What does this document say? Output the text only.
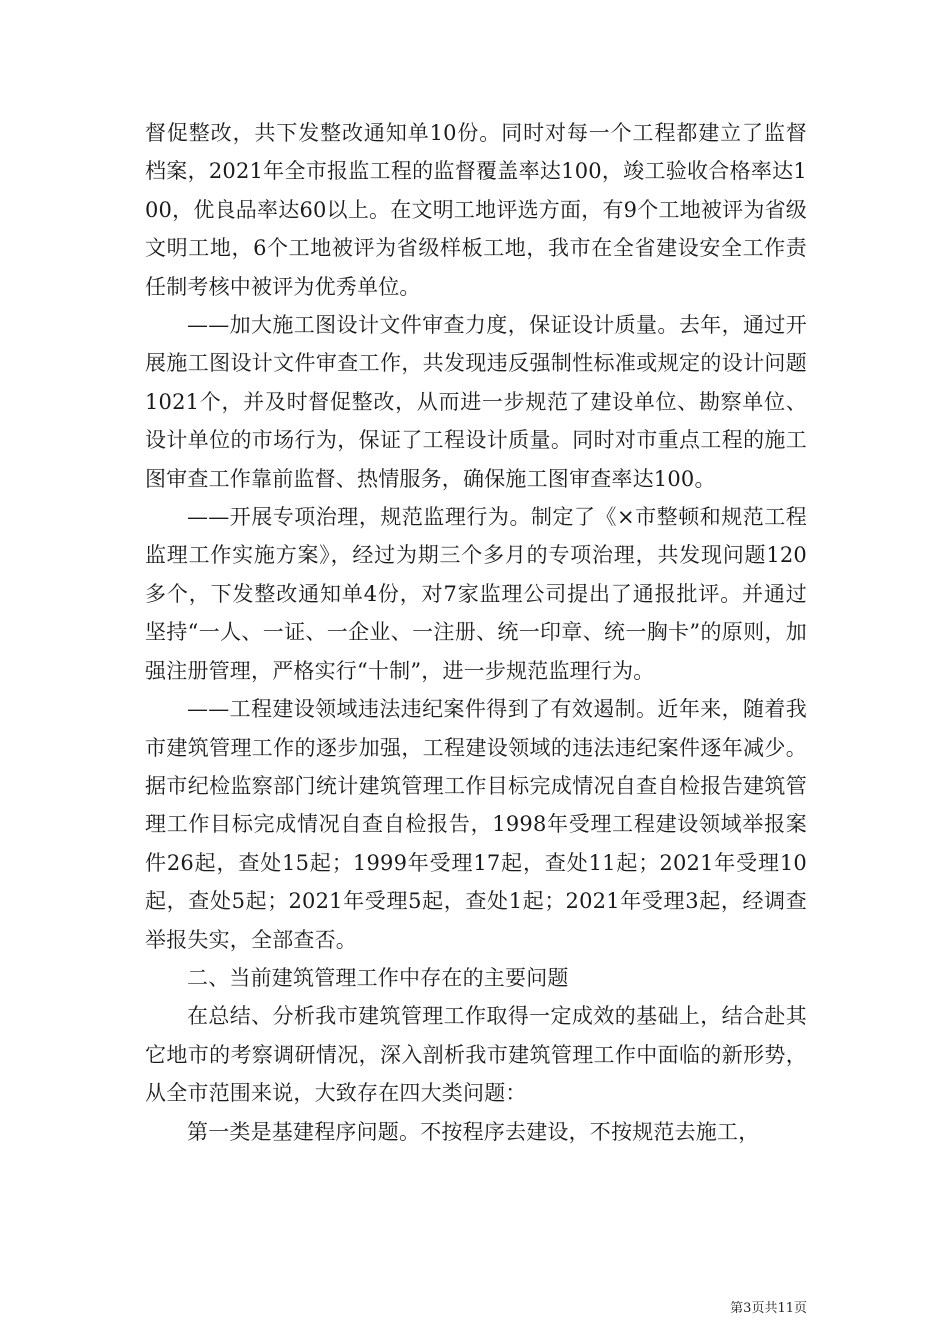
督促整改，共下发整改通知单10份。同时对每一个工程都建立了监督档案，2021年全市报监工程的监督覆盖率达100，竣工验收合格率达100，优良品率达60以上。在文明工地评选方面，有9个工地被评为省级文明工地，6个工地被评为省级样板工地，我市在全省建设安全工作责任制考核中被评为优秀单位。

——加大施工图设计文件审查力度，保证设计质量。去年，通过开展施工图设计文件审查工作，共发现违反强制性标准或规定的设计问题1021个，并及时督促整改，从而进一步规范了建设单位、勘察单位、设计单位的市场行为，保证了工程设计质量。同时对市重点工程的施工图审查工作靠前监督、热情服务，确保施工图审查率达100。

——开展专项治理，规范监理行为。制定了《×市整顿和规范工程监理工作实施方案》，经过为期三个多月的专项治理，共发现问题120多个，下发整改通知单4份，对7家监理公司提出了通报批评。并通过坚持“一人、一证、一企业、一注册、统一印章、统一胸卡”的原则，加强注册管理，严格实行“十制”，进一步规范监理行为。

——工程建设领域违法违纪案件得到了有效遏制。近年来，随着我市建筑管理工作的逐步加强，工程建设领域的违法违纪案件逐年减少。据市纪检监察部门统计建筑管理工作目标完成情况自查自检报告建筑管理工作目标完成情况自查自检报告，1998年受理工程建设领域举报案件26起，查处15起；1999年受理17起，查处11起；2021年受理10起，查处5起；2021年受理5起，查处1起；2021年受理3起，经调查举报失实，全部查否。

二、当前建筑管理工作中存在的主要问题

在总结、分析我市建筑管理工作取得一定成效的基础上，结合赴其它地市的考察调研情况，深入剖析我市建筑管理工作中面临的新形势，从全市范围来说，大致存在四大类问题：

第一类是基建程序问题。不按程序去建设，不按规范去施工，

第3页共11页
